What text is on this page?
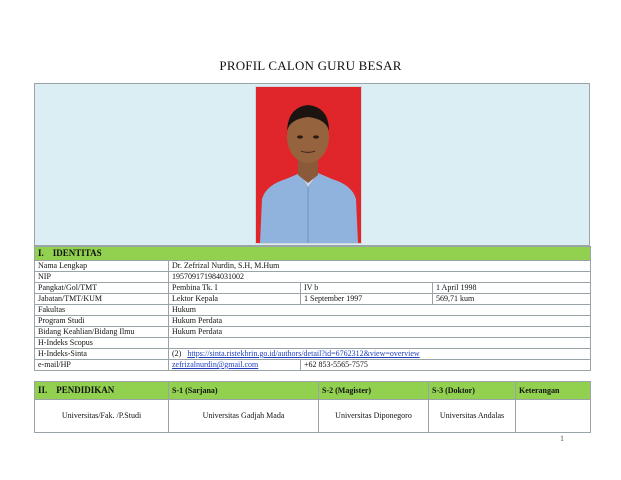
PROFIL CALON GURU BESAR
I. IDENTITAS			
Nama Lengkap	Dr. Zefrizal Nurdin, S.H, M.Hum		
NIP	195709171984031002		
Pangkat/Gol/TMT	Pembina Tk. I	IV b	1 April 1998
Jabatan/TMT/KUM	Lektor Kepala	1 September 1997	569,71 kum
Fakultas	Hukum		
Program Studi	Hukum Perdata		
Bidang Keahlian/Bidang Ilmu	Hukum Perdata		
H-Indeks Scopus			
H-Indeks-Sinta	(2) https://sinta.ristekbrin.go.id/authors/detail?id=6762312&view=overview		
e-mail/HP	zefrizalnurdin@gmail.com	+62 853-5565-7575	
II. PENDIDIKAN	S-1 (Sarjana)	S-2 (Magister)	S-3 (Doktor)	Keterangan
Universitas/Fak. /P.Studi	Universitas Gadjah Mada	Universitas Diponegoro	Universitas Andalas	
1
